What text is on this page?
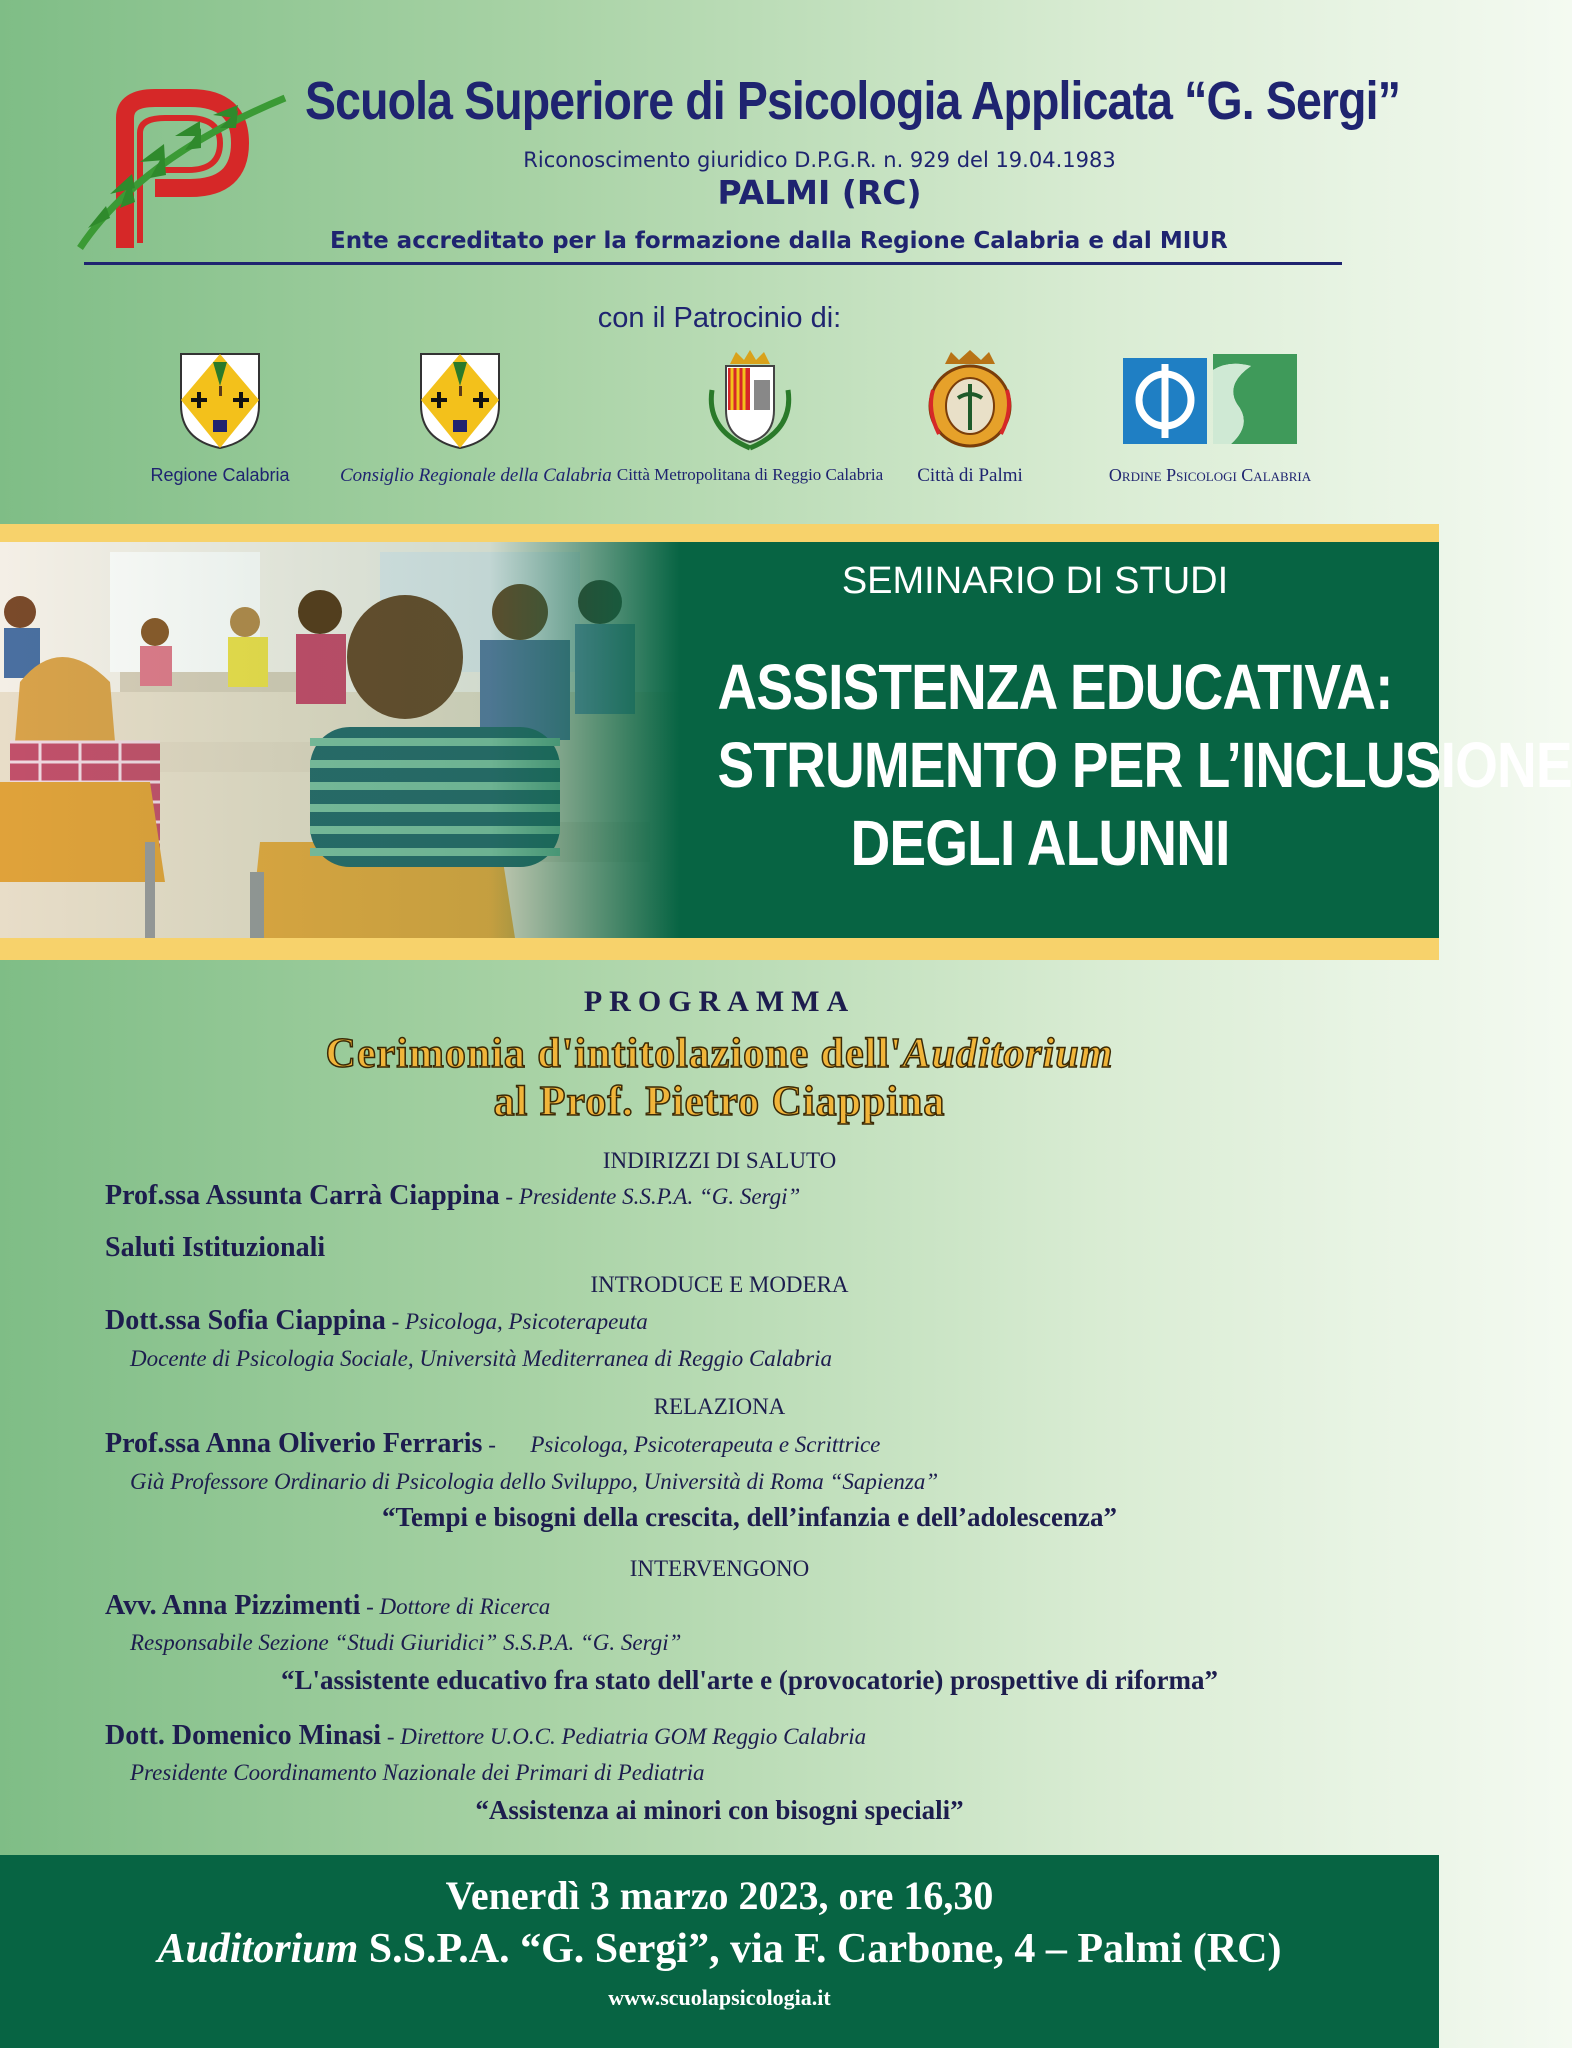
Scuola Superiore di Psicologia Applicata “G. Sergi”
Riconoscimento giuridico D.P.G.R. n. 929 del 19.04.1983
PALMI (RC)
Ente accreditato per la formazione dalla Regione Calabria e dal MIUR
con il Patrocinio di:
Regione Calabria	Consiglio Regionale della Calabria Città Metropolitana di Reggio Calabria	Città di Palmi	Ordine Psicologi Calabria
SEMINARIO DI STUDI
ASSISTENZA EDUCATIVA:
STRUMENTO PER L’INCLUSIONE
DEGLI ALUNNI
PROGRAMMA
Cerimonia d'intitolazione dell'Auditorium
al Prof. Pietro Ciappina
INDIRIZZI DI SALUTO
Prof.ssa Assunta Carrà Ciappina - Presidente S.S.P.A. “G. Sergi”
Saluti Istituzionali
INTRODUCE E MODERA
Dott.ssa Sofia Ciappina - Psicologa, Psicoterapeuta
Docente di Psicologia Sociale, Università Mediterranea di Reggio Calabria
RELAZIONA
Prof.ssa Anna Oliverio Ferraris -      Psicologa, Psicoterapeuta e Scrittrice
Già Professore Ordinario di Psicologia dello Sviluppo, Università di Roma “Sapienza”
“Tempi e bisogni della crescita, dell’infanzia e dell’adolescenza”
INTERVENGONO
Avv. Anna Pizzimenti - Dottore di Ricerca
Responsabile Sezione “Studi Giuridici” S.S.P.A. “G. Sergi”
“L'assistente educativo fra stato dell'arte e (provocatorie) prospettive di riforma”
Dott. Domenico Minasi - Direttore U.O.C. Pediatria GOM Reggio Calabria
Presidente Coordinamento Nazionale dei Primari di Pediatria
“Assistenza ai minori con bisogni speciali”
Venerdì 3 marzo 2023, ore 16,30
Auditorium S.S.P.A. “G. Sergi”, via F. Carbone, 4 – Palmi (RC)
www.scuolapsicologia.it
